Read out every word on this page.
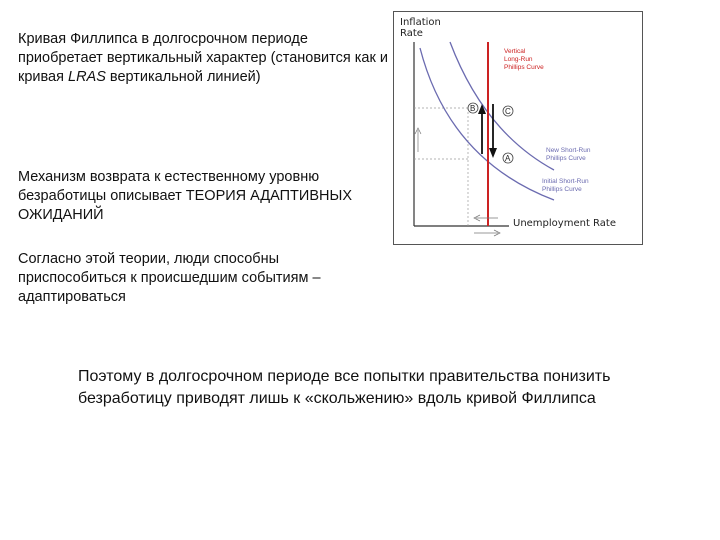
Кривая Филлипса в долгосрочном периоде приобретает вертикальный характер (становится как и кривая LRAS вертикальной линией)

Механизм возврата к естественному уровню безработицы описывает ТЕОРИЯ АДАПТИВНЫХ ОЖИДАНИЙ

Согласно этой теории, люди способны приспособиться к происшедшим событиям – адаптироваться

Поэтому в долгосрочном периоде все попытки правительства понизить безработицу приводят лишь к «скольжению» вдоль кривой Филлипса
Inflation
Rate
Unemployment Rate
B	C
A
Vertical
Long-Run
Phillips Curve
New Short-Run
Phillips Curve
Initial Short-Run
Phillips Curve
